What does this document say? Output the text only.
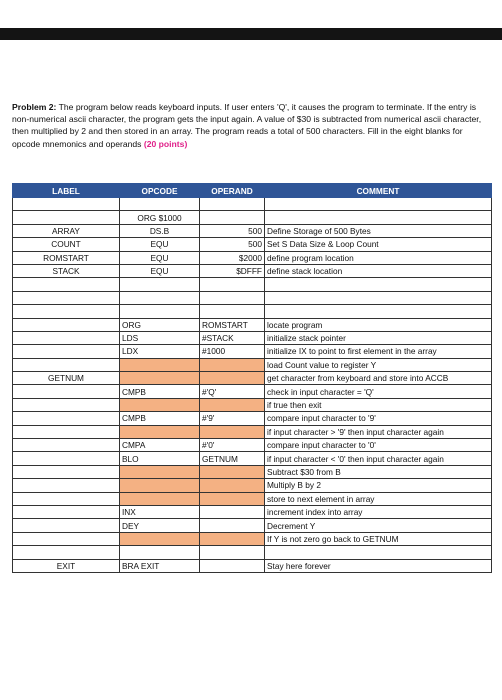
Problem 2: The program below reads keyboard inputs. If user enters 'Q', it causes the program to terminate. If the entry is non-numerical ascii character, the program gets the input again. A value of $30 is subtracted from numerical ascii character, then multiplied by 2 and then stored in an array. The program reads a total of 500 characters. Fill in the eight blanks for opcode mnemonics and operands (20 points)
LABEL	OPCODE	OPERAND	COMMENT

	ORG $1000		
ARRAY	DS.B	500	Define Storage of 500 Bytes
COUNT	EQU	500	Set S Data Size & Loop Count
ROMSTART	EQU	$2000	define program location
STACK	EQU	$DFFF	define stack location

	ORG	ROMSTART	locate program
	LDS	#STACK	initialize stack pointer
	LDX	#1000	initialize IX to point to first element in the array
			load Count value to register Y
GETNUM			get character from keyboard and store into ACCB
	CMPB	#'Q'	check in input character = 'Q'
			if true then exit
	CMPB	#'9'	compare input character to '9'
			if input character > '9' then input character again
	CMPA	#'0'	compare input character to '0'
	BLO	GETNUM	if input character < '0' then input character again
			Subtract $30 from B
			Multiply B by 2
			store to next element in array
	INX		increment index into array
	DEY		Decrement Y
			If Y is not zero go back to GETNUM

EXIT	BRA EXIT		Stay here forever
